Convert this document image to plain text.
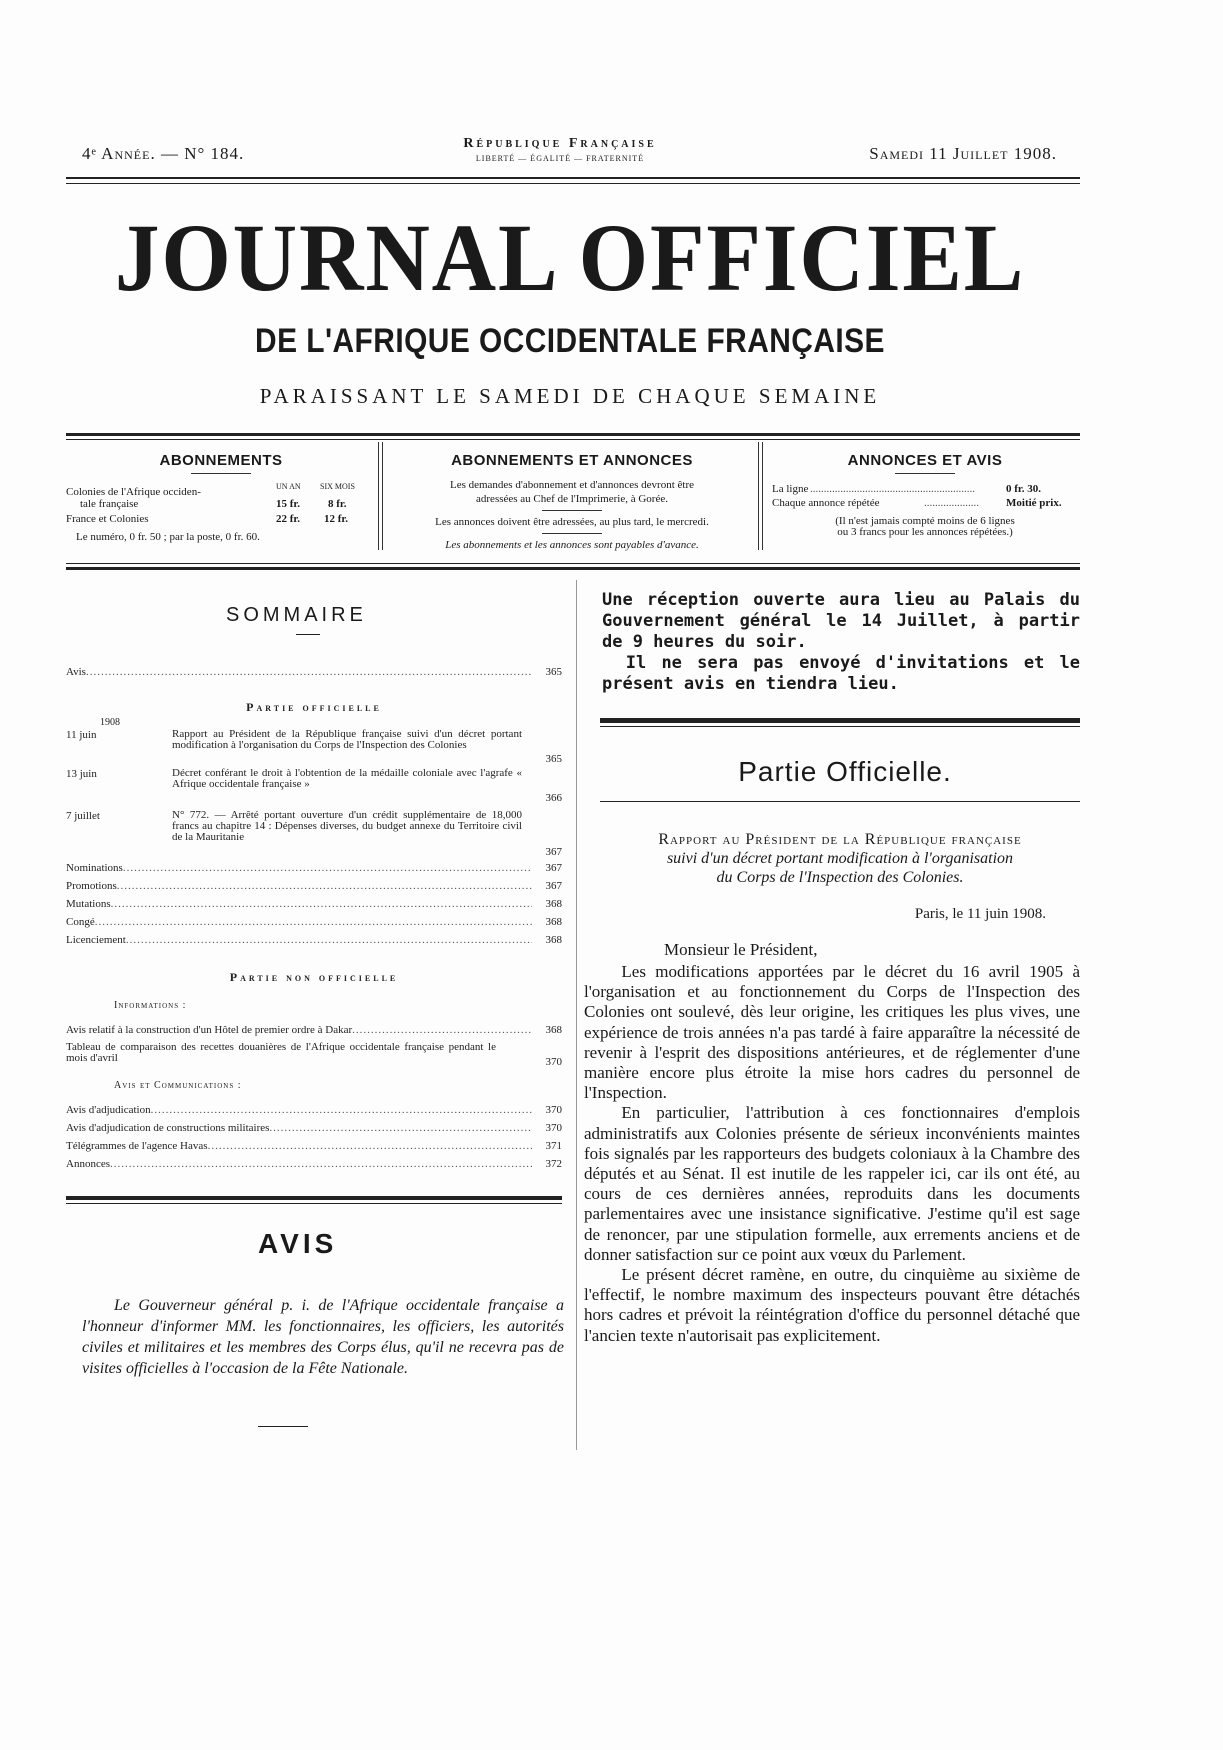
4ᵉ Année. — N° 184.
République Française
LIBERTÉ — ÉGALITÉ — FRATERNITÉ	Samedi 11 Juillet 1908.
JOURNAL OFFICIEL
DE L'AFRIQUE OCCIDENTALE FRANÇAISE
PARAISSANT LE SAMEDI DE CHAQUE SEMAINE
ABONNEMENTS
UN AN SIX MOIS
Colonies de l'Afrique occiden-
tale française	15 fr.	8 fr.
France et Colonies	22 fr. 12 fr.
Le numéro, 0 fr. 50 ; par la poste, 0 fr. 60.
ABONNEMENTS ET ANNONCES
Les demandes d'abonnement et d'annonces devront être
adressées au Chef de l'Imprimerie, à Gorée.
Les annonces doivent être adressées, au plus tard, le mercredi.
Les abonnements et les annonces sont payables d'avance.
ANNONCES ET AVIS
La ligne ............................................................	0 fr. 30.
Chaque annonce répétée	....................	Moitié prix.
(Il n'est jamais compté moins de 6 lignes
ou 3 francs pour les annonces répétées.)
SOMMAIRE
Avis .....	365
Partie officielle
1908
11 juin	Rapport au Président de la République française suivi d'un décret portant modification à l'organisation du Corps de l'Inspection des Colonies
365
13 juin	Décret conférant le droit à l'obtention de la médaille coloniale avec l'agrafe « Afrique occidentale française »
366
7 juillet	N° 772. — Arrêté portant ouverture d'un crédit supplémentaire de 18,000 francs au chapitre 14 : Dépenses diverses, du budget annexe du Territoire civil de la Mauritanie
367
Nominations .....	367
Promotions .....	367
Mutations .....	368
Congé .....	368
Licenciement .....	368
Partie non officielle
Informations :
Avis relatif à la construction d'un Hôtel de premier ordre à Dakar .....	368
Tableau de comparaison des recettes douanières de l'Afrique occidentale française pendant le mois d'avril	370
Avis et Communications :
Avis d'adjudication .....	370
Avis d'adjudication de constructions militaires .....	370
Télégrammes de l'agence Havas .....	371
Annonces .....	372
AVIS
Le Gouverneur général p. i. de l'Afrique occidentale française a l'honneur d'informer MM. les fonctionnaires, les officiers, les autorités civiles et militaires et les membres des Corps élus, qu'il ne recevra pas de visites officielles à l'occasion de la Fête Nationale.
Une réception ouverte aura lieu au Palais du Gouvernement général le 14 Juillet, à partir de 9 heures du soir.
Il ne sera pas envoyé d'invitations et le présent avis en tiendra lieu.
Partie Officielle.
Rapport au Président de la République française
suivi d'un décret portant modification à l'organisation
du Corps de l'Inspection des Colonies.
Paris, le 11 juin 1908.
Monsieur le Président,

Les modifications apportées par le décret du 16 avril 1905 à l'organisation et au fonctionnement du Corps de l'Inspection des Colonies ont soulevé, dès leur origine, les critiques les plus vives, une expérience de trois années n'a pas tardé à faire apparaître la nécessité de revenir à l'esprit des dispositions antérieures, et de réglementer d'une manière encore plus étroite la mise hors cadres du personnel de l'Inspection.

En particulier, l'attribution à ces fonctionnaires d'emplois administratifs aux Colonies présente de sérieux inconvénients maintes fois signalés par les rapporteurs des budgets coloniaux à la Chambre des députés et au Sénat. Il est inutile de les rappeler ici, car ils ont été, au cours de ces dernières années, reproduits dans les documents parlementaires avec une insistance significative. J'estime qu'il est sage de renoncer, par une stipulation formelle, aux errements anciens et de donner satisfaction sur ce point aux vœux du Parlement.

Le présent décret ramène, en outre, du cinquième au sixième de l'effectif, le nombre maximum des inspecteurs pouvant être détachés hors cadres et prévoit la réintégration d'office du personnel détaché que l'ancien texte n'autorisait pas explicitement.
